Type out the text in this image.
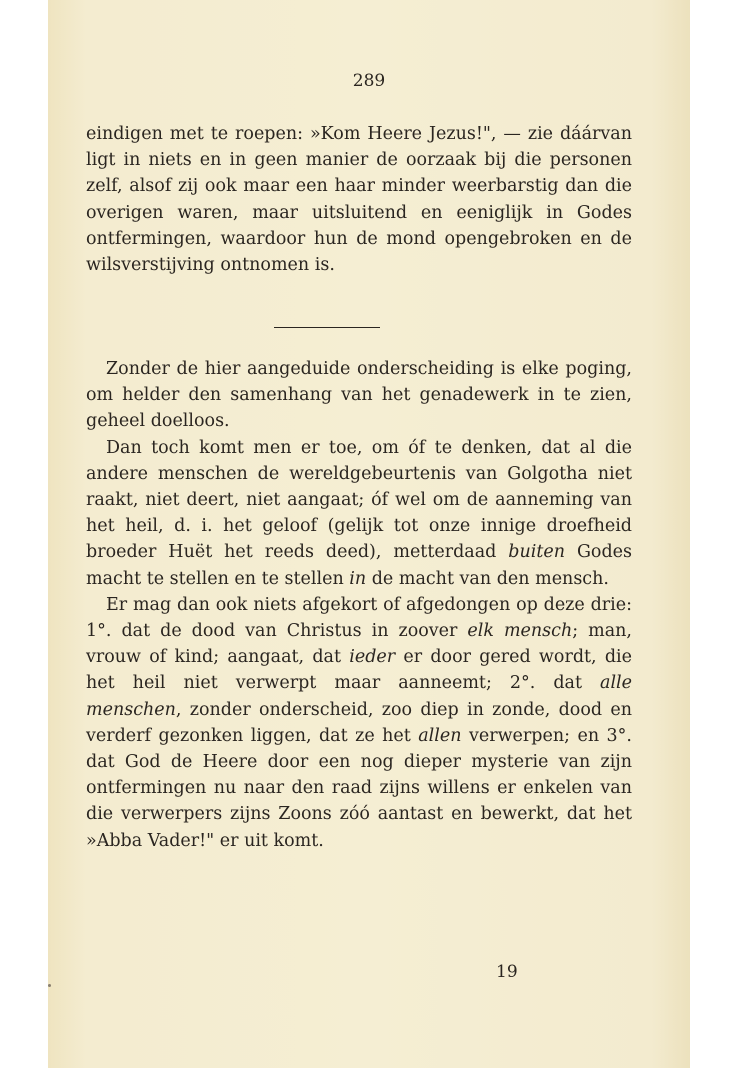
289

eindigen met te roepen: »Kom Heere Jezus!", — zie dáárvan ligt in niets en in geen manier de oorzaak bij die personen zelf, alsof zij ook maar een haar minder weerbarstig dan die overigen waren, maar uitsluitend en eeniglijk in Godes ontfermingen, waardoor hun de mond opengebroken en de wilsverstijving ontnomen is.

Zonder de hier aangeduide onderscheiding is elke poging, om helder den samenhang van het genadewerk in te zien, geheel doelloos.

Dan toch komt men er toe, om óf te denken, dat al die andere menschen de wereldgebeurtenis van Golgotha niet raakt, niet deert, niet aangaat; óf wel om de aanneming van het heil, d. i. het geloof (gelijk tot onze innige droefheid broeder Huët het reeds deed), metterdaad buiten Godes macht te stellen en te stellen in de macht van den mensch.

Er mag dan ook niets afgekort of afgedongen op deze drie: 1°. dat de dood van Christus in zoover elk mensch; man, vrouw of kind; aangaat, dat ieder er door gered wordt, die het heil niet verwerpt maar aanneemt; 2°. dat alle menschen, zonder onderscheid, zoo diep in zonde, dood en verderf gezonken liggen, dat ze het allen verwerpen; en 3°. dat God de Heere door een nog dieper mysterie van zijn ontfermingen nu naar den raad zijns willens er enkelen van die verwerpers zijns Zoons zóó aantast en bewerkt, dat het »Abba Vader!" er uit komt.

19
